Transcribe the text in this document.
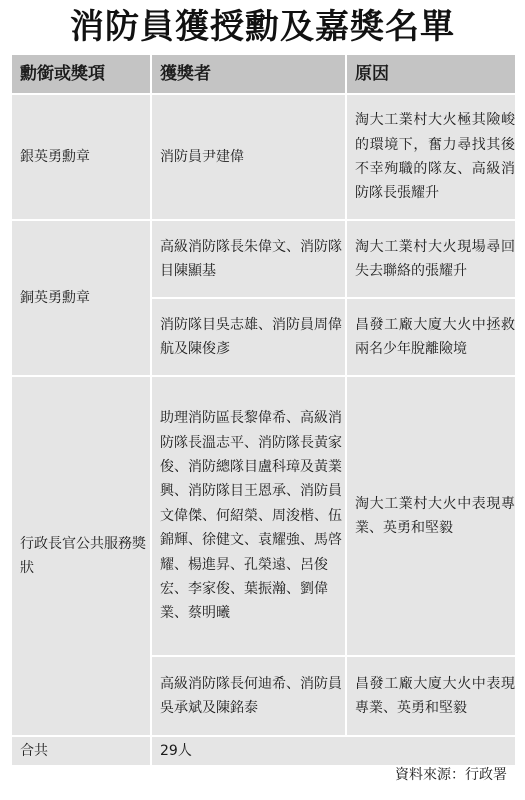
消防員獲授勳及嘉獎名單
勳銜或獎項	獲獎者	原因
銀英勇勳章	消防員尹建偉	淘大工業村大火極其險峻的環境下，奮力尋找其後不幸殉職的隊友、高級消防隊長張耀升
銅英勇勳章	高級消防隊長朱偉文、消防隊目陳顯基	淘大工業村大火現場尋回失去聯絡的張耀升
	消防隊目吳志雄、消防員周偉航及陳俊彥	昌發工廠大廈大火中拯救兩名少年脫離險境
行政長官公共服務獎狀	助理消防區長黎偉希、高級消防隊長溫志平、消防隊長黃家俊、消防總隊目盧科璋及黃業興、消防隊目王恩承、消防員文偉傑、何紹榮、周浚楷、伍錦輝、徐健文、袁耀強、馬啓耀、楊進昇、孔榮遠、呂俊宏、李家俊、葉振瀚、劉偉業、蔡明曦	淘大工業村大火中表現專業、英勇和堅毅
	高級消防隊長何迪希、消防員吳承斌及陳銘泰	昌發工廠大廈大火中表現專業、英勇和堅毅
合共	29人	
資料來源：行政署
